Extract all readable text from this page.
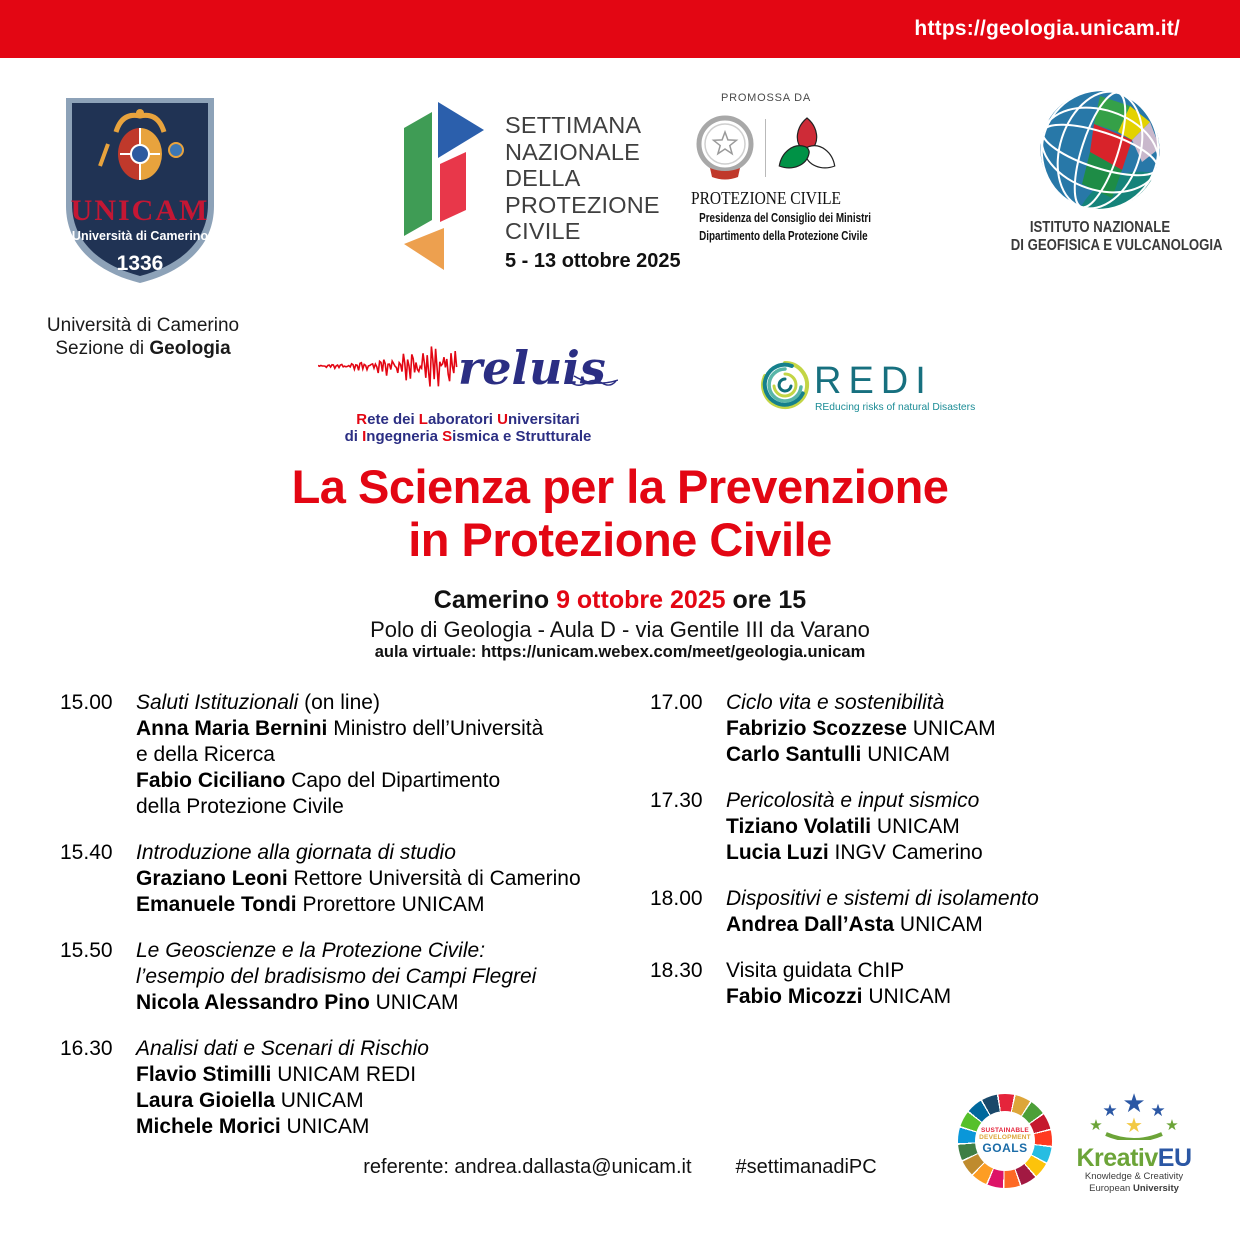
https://geologia.unicam.it/
UNICAM
Università di Camerino
1336
Università di Camerino
Sezione di Geologia
SETTIMANA
NAZIONALE
DELLA
PROTEZIONE
CIVILE
5 - 13 ottobre 2025
PROMOSSA DA
PROTEZIONE CIVILE
Presidenza del Consiglio dei Ministri
Dipartimento della Protezione Civile	ISTITUTO NAZIONALE
DI GEOFISICA E VULCANOLOGIA
reluis
Rete dei Laboratori Universitari
di Ingegneria Sismica e Strutturale
REDI
REducing risks of natural Disasters
La Scienza per la Prevenzione
in Protezione Civile
Camerino 9 ottobre 2025 ore 15
Polo di Geologia - Aula D - via Gentile III da Varano
aula virtuale: https://unicam.webex.com/meet/geologia.unicam
15.00	Saluti Istituzionali (on line)
Anna Maria Bernini Ministro dell’Università
e della Ricerca
Fabio Ciciliano Capo del Dipartimento
della Protezione Civile
15.40	Introduzione alla giornata di studio
Graziano Leoni Rettore Università di Camerino
Emanuele Tondi Prorettore UNICAM
15.50	Le Geoscienze e la Protezione Civile:
l’esempio del bradisismo dei Campi Flegrei
Nicola Alessandro Pino UNICAM
16.30	Analisi dati e Scenari di Rischio
Flavio Stimilli UNICAM REDI
Laura Gioiella UNICAM
Michele Morici UNICAM
17.00	Ciclo vita e sostenibilità
Fabrizio Scozzese UNICAM
Carlo Santulli UNICAM
17.30	Pericolosità e input sismico
Tiziano Volatili UNICAM
Lucia Luzi INGV Camerino
18.00	Dispositivi e sistemi di isolamento
Andrea Dall’Asta UNICAM
18.30	Visita guidata ChIP
Fabio Micozzi UNICAM
referente: andrea.dallasta@unicam.it #settimanadiPC
SUSTAINABLE
DEVELOPMENT
GOALS
★
★ ★
★	★
★
KreativEU
Knowledge & Creativity
European University
